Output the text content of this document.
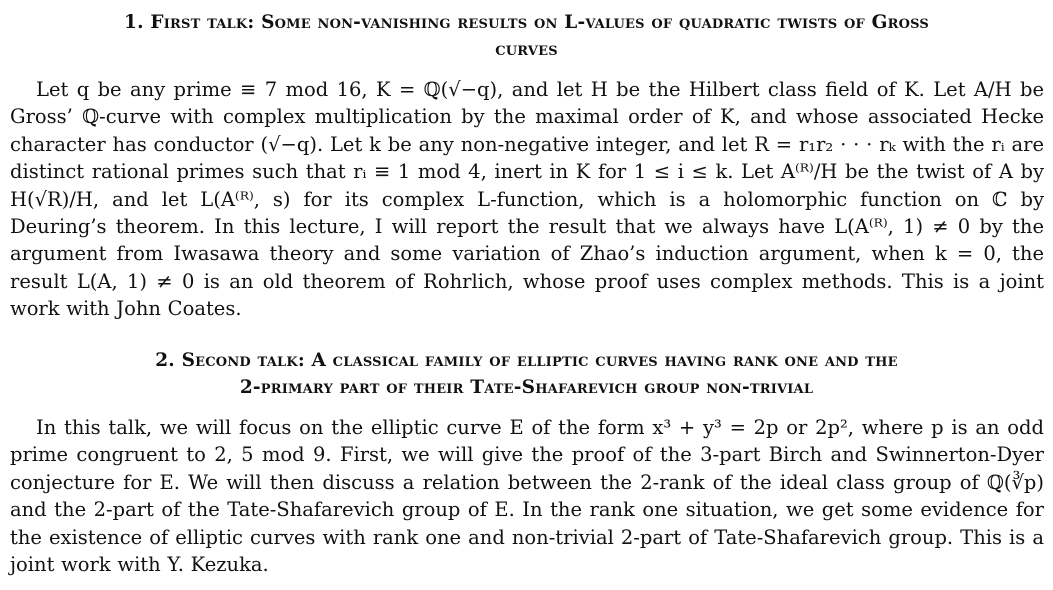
1. First talk: Some non-vanishing results on L-values of quadratic twists of Gross
curves

Let q be any prime ≡ 7 mod 16, K = ℚ(√−q), and let H be the Hilbert class field of K. Let A/H be Gross’ ℚ-curve with complex multiplication by the maximal order of K, and whose associated Hecke character has conductor (√−q). Let k be any non-negative integer, and let R = r₁r₂ · · · rₖ with the rᵢ are distinct rational primes such that rᵢ ≡ 1 mod 4, inert in K for 1 ≤ i ≤ k. Let A⁽ᴿ⁾/H be the twist of A by H(√R)/H, and let L(A⁽ᴿ⁾, s) for its complex L-function, which is a holomorphic function on ℂ by Deuring’s theorem. In this lecture, I will report the result that we always have L(A⁽ᴿ⁾, 1) ≠ 0 by the argument from Iwasawa theory and some variation of Zhao’s induction argument, when k = 0, the result L(A, 1) ≠ 0 is an old theorem of Rohrlich, whose proof uses complex methods. This is a joint work with John Coates.

2. Second talk: A classical family of elliptic curves having rank one and the
2-primary part of their Tate-Shafarevich group non-trivial

In this talk, we will focus on the elliptic curve E of the form x³ + y³ = 2p or 2p², where p is an odd prime congruent to 2, 5 mod 9. First, we will give the proof of the 3-part Birch and Swinnerton-Dyer conjecture for E. We will then discuss a relation between the 2-rank of the ideal class group of ℚ(∛p) and the 2-part of the Tate-Shafarevich group of E. In the rank one situation, we get some evidence for the existence of elliptic curves with rank one and non-trivial 2-part of Tate-Shafarevich group. This is a joint work with Y. Kezuka.
